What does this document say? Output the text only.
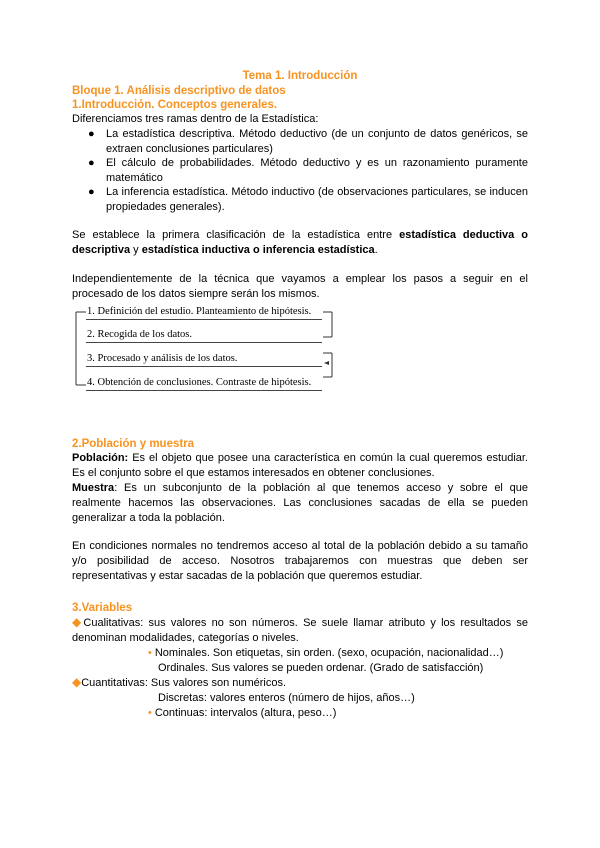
Tema 1. Introducción
Bloque 1. Análisis descriptivo de datos
1.Introducción. Conceptos generales.

Diferenciamos tres ramas dentro de la Estadística:

● La estadística descriptiva. Método deductivo (de un conjunto de datos genéricos, se extraen conclusiones particulares)
● El cálculo de probabilidades. Método deductivo y es un razonamiento puramente matemático
● La inferencia estadística. Método inductivo (de observaciones particulares, se inducen propiedades generales).

Se establece la primera clasificación de la estadística entre estadística deductiva o descriptiva y estadística inductiva o inferencia estadística.

Independientemente de la técnica que vayamos a emplear los pasos a seguir en el procesado de los datos siempre serán los mismos.

1. Definición del estudio. Planteamiento de hipótesis.
2. Recogida de los datos.
3. Procesado y análisis de los datos.
4. Obtención de conclusiones. Contraste de hipótesis.
2.Población y muestra

Población: Es el objeto que posee una característica en común la cual queremos estudiar. Es el conjunto sobre el que estamos interesados en obtener conclusiones.

Muestra: Es un subconjunto de la población al que tenemos acceso y sobre el que realmente hacemos las observaciones. Las conclusiones sacadas de ella se pueden generalizar a toda la población.

En condiciones normales no tendremos acceso al total de la población debido a su tamaño y/o posibilidad de acceso. Nosotros trabajaremos con muestras que deben ser representativas y estar sacadas de la población que queremos estudiar.

3.Variables

◆Cualitativas: sus valores no son números. Se suele llamar atributo y los resultados se denominan modalidades, categorías o niveles.

• Nominales. Son etiquetas, sin orden. (sexo, ocupación, nacionalidad…)
Ordinales. Sus valores se pueden ordenar. (Grado de satisfacción)

◆Cuantitativas: Sus valores son numéricos.

Discretas: valores enteros (número de hijos, años…)
• Continuas: intervalos (altura, peso…)
